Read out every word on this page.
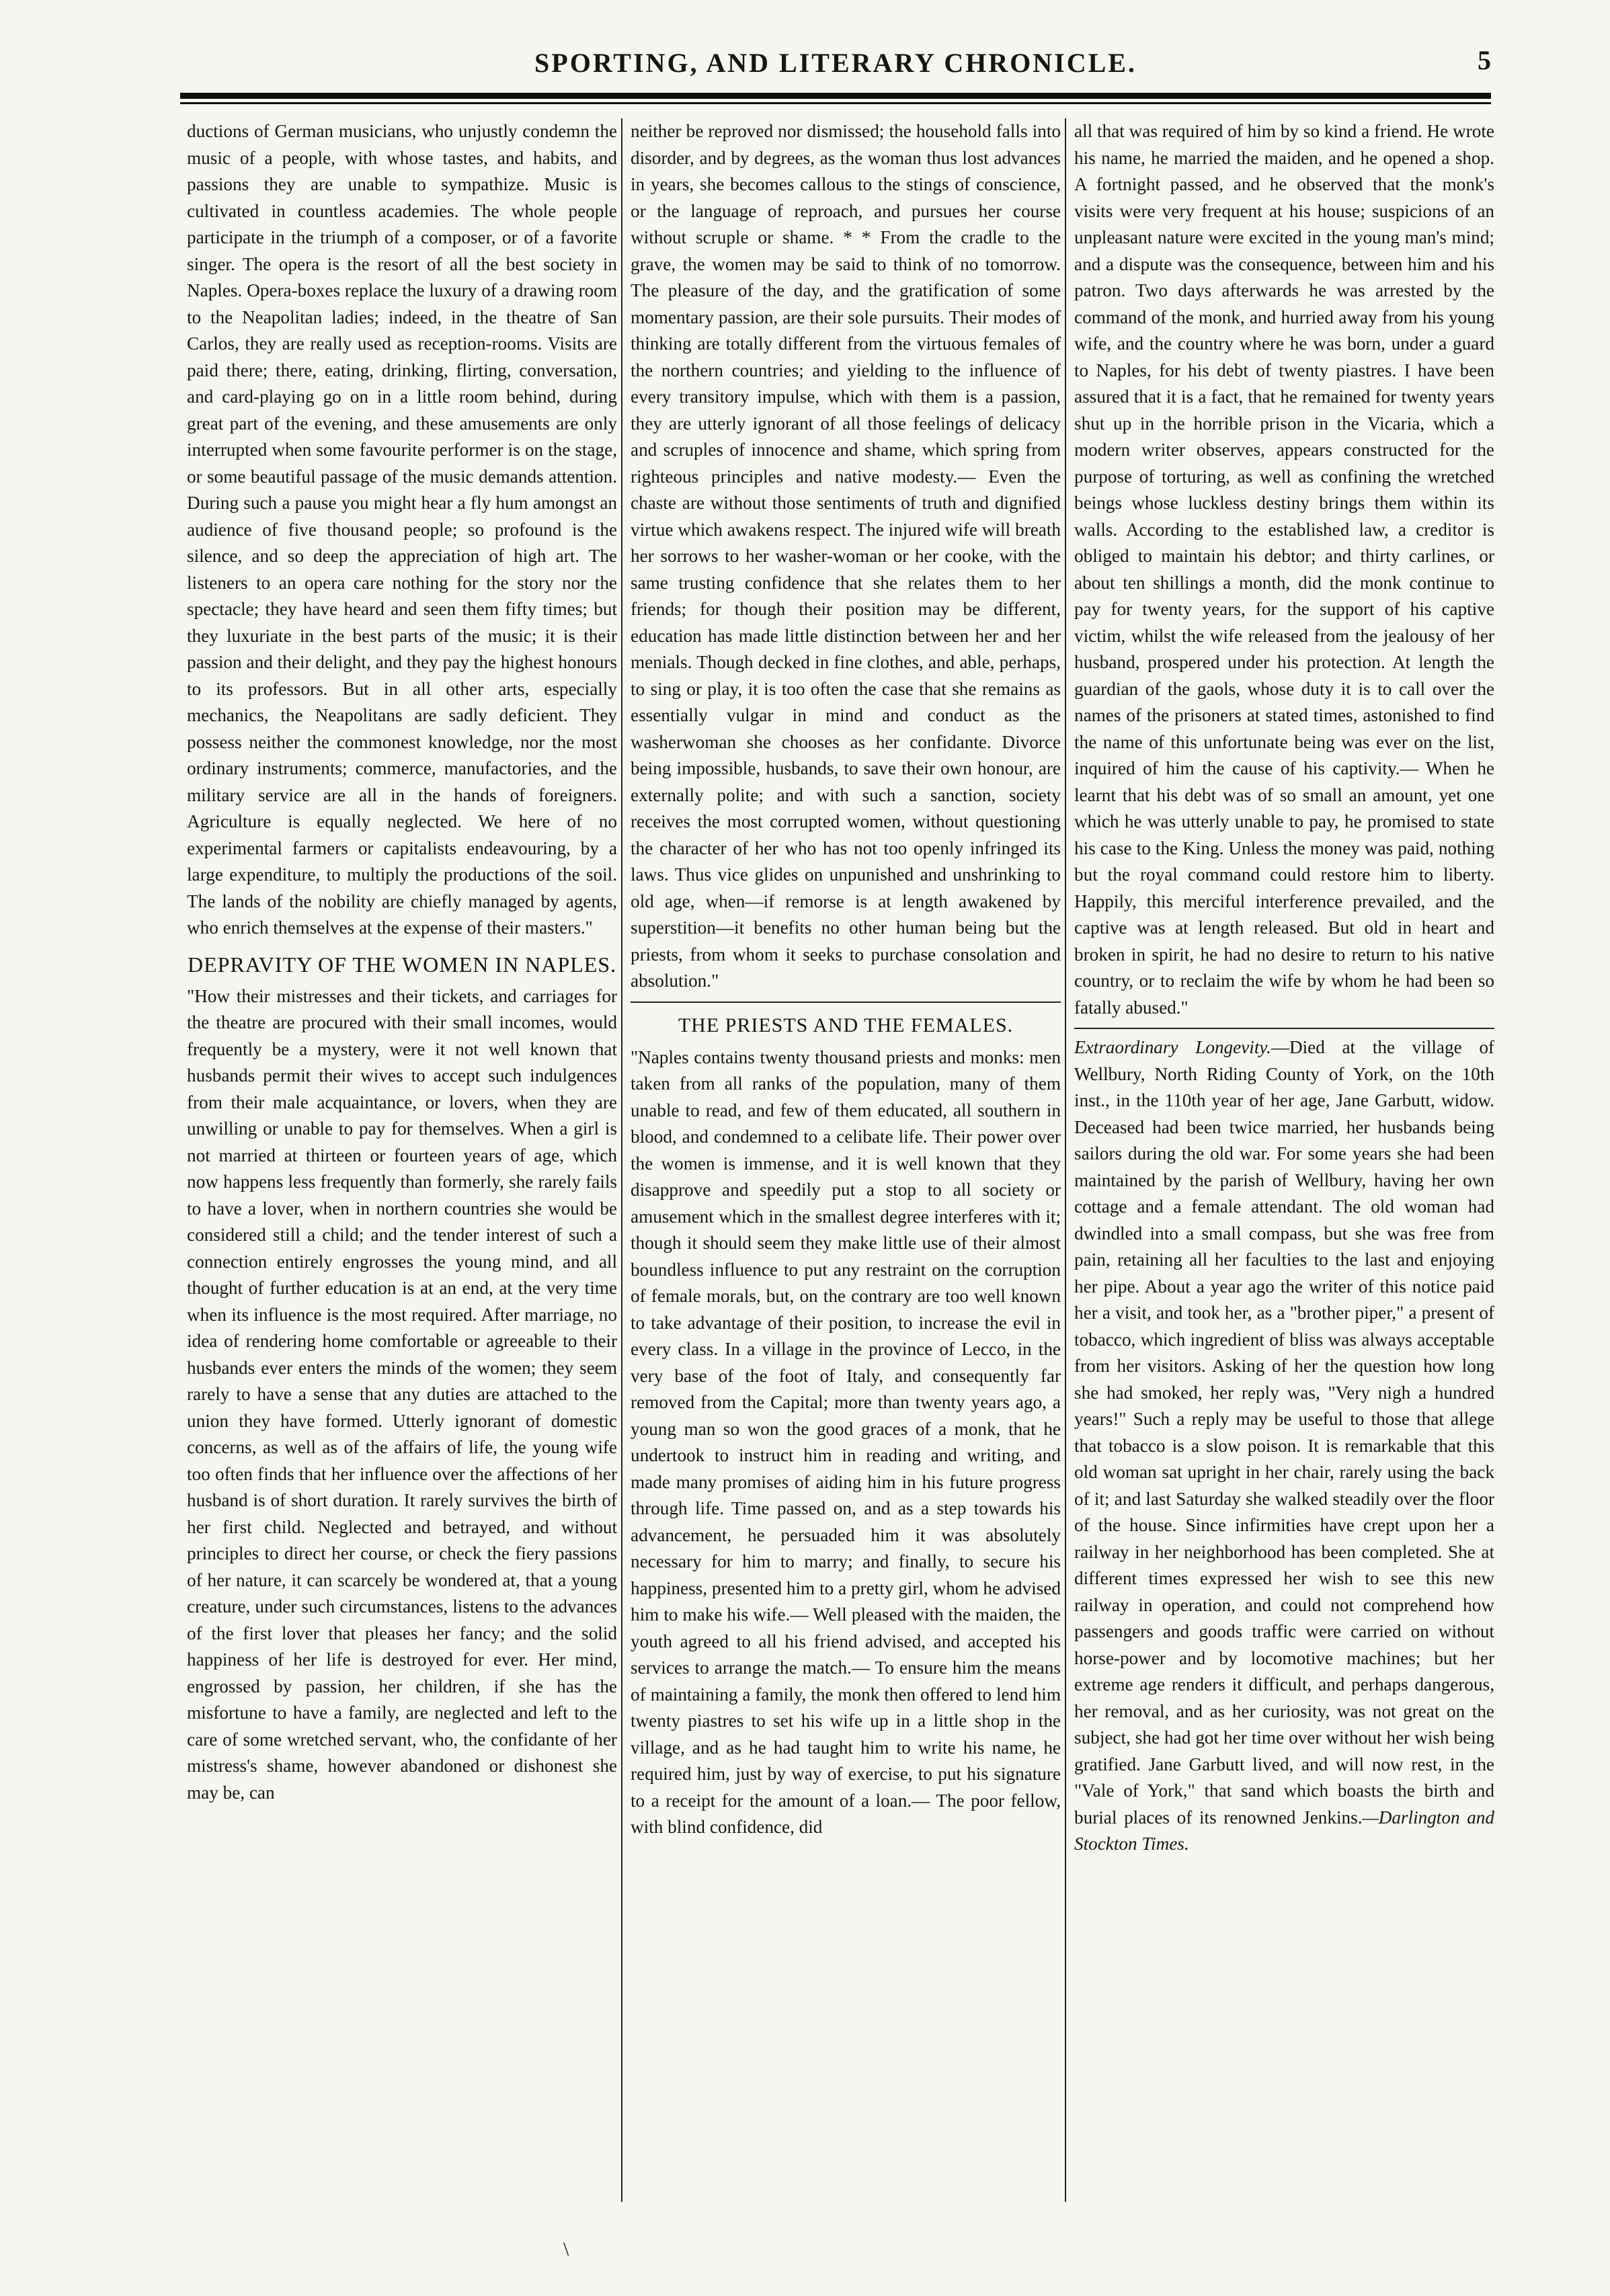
SPORTING, AND LITERARY CHRONICLE.	5

ductions of German musicians, who unjustly condemn the music of a people, with whose tastes, and habits, and passions they are unable to sympathize. Music is cultivated in countless academies. The whole people participate in the triumph of a composer, or of a favorite singer. The opera is the resort of all the best society in Naples. Opera-boxes replace the luxury of a drawing room to the Neapolitan ladies; indeed, in the theatre of San Carlos, they are really used as reception-rooms. Visits are paid there; there, eating, drinking, flirting, conversation, and card-playing go on in a little room behind, during great part of the evening, and these amusements are only interrupted when some favourite performer is on the stage, or some beautiful passage of the music demands attention. During such a pause you might hear a fly hum amongst an audience of five thousand people; so profound is the silence, and so deep the appreciation of high art. The listeners to an opera care nothing for the story nor the spectacle; they have heard and seen them fifty times; but they luxuriate in the best parts of the music; it is their passion and their delight, and they pay the highest honours to its professors. But in all other arts, especially mechanics, the Neapolitans are sadly deficient. They possess neither the commonest knowledge, nor the most ordinary instruments; commerce, manufactories, and the military service are all in the hands of foreigners. Agriculture is equally neglected. We here of no experimental farmers or capitalists endeavouring, by a large expenditure, to multiply the productions of the soil. The lands of the nobility are chiefly managed by agents, who enrich themselves at the expense of their masters."

DEPRAVITY OF THE WOMEN IN NAPLES.

"How their mistresses and their tickets, and carriages for the theatre are procured with their small incomes, would frequently be a mystery, were it not well known that husbands permit their wives to accept such indulgences from their male acquaintance, or lovers, when they are unwilling or unable to pay for themselves. When a girl is not married at thirteen or fourteen years of age, which now happens less frequently than formerly, she rarely fails to have a lover, when in northern countries she would be considered still a child; and the tender interest of such a connection entirely engrosses the young mind, and all thought of further education is at an end, at the very time when its influence is the most required. After marriage, no idea of rendering home comfortable or agreeable to their husbands ever enters the minds of the women; they seem rarely to have a sense that any duties are attached to the union they have formed. Utterly ignorant of domestic concerns, as well as of the affairs of life, the young wife too often finds that her influence over the affections of her husband is of short duration. It rarely survives the birth of her first child. Neglected and betrayed, and without principles to direct her course, or check the fiery passions of her nature, it can scarcely be wondered at, that a young creature, under such circumstances, listens to the advances of the first lover that pleases her fancy; and the solid happiness of her life is destroyed for ever. Her mind, engrossed by passion, her children, if she has the misfortune to have a family, are neglected and left to the care of some wretched servant, who, the confidante of her mistress's shame, however abandoned or dishonest she may be, can

neither be reproved nor dismissed; the household falls into disorder, and by degrees, as the woman thus lost advances in years, she becomes callous to the stings of conscience, or the language of reproach, and pursues her course without scruple or shame. * * From the cradle to the grave, the women may be said to think of no tomorrow. The pleasure of the day, and the gratification of some momentary passion, are their sole pursuits. Their modes of thinking are totally different from the virtuous females of the northern countries; and yielding to the influence of every transitory impulse, which with them is a passion, they are utterly ignorant of all those feelings of delicacy and scruples of innocence and shame, which spring from righteous principles and native modesty.— Even the chaste are without those sentiments of truth and dignified virtue which awakens respect. The injured wife will breath her sorrows to her washer-woman or her cooke, with the same trusting confidence that she relates them to her friends; for though their position may be different, education has made little distinction between her and her menials. Though decked in fine clothes, and able, perhaps, to sing or play, it is too often the case that she remains as essentially vulgar in mind and conduct as the washerwoman she chooses as her confidante. Divorce being impossible, husbands, to save their own honour, are externally polite; and with such a sanction, society receives the most corrupted women, without questioning the character of her who has not too openly infringed its laws. Thus vice glides on unpunished and unshrinking to old age, when—if remorse is at length awakened by superstition—it benefits no other human being but the priests, from whom it seeks to purchase consolation and absolution."

THE PRIESTS AND THE FEMALES.

"Naples contains twenty thousand priests and monks: men taken from all ranks of the population, many of them unable to read, and few of them educated, all southern in blood, and condemned to a celibate life. Their power over the women is immense, and it is well known that they disapprove and speedily put a stop to all society or amusement which in the smallest degree interferes with it; though it should seem they make little use of their almost boundless influence to put any restraint on the corruption of female morals, but, on the contrary are too well known to take advantage of their position, to increase the evil in every class. In a village in the province of Lecco, in the very base of the foot of Italy, and consequently far removed from the Capital; more than twenty years ago, a young man so won the good graces of a monk, that he undertook to instruct him in reading and writing, and made many promises of aiding him in his future progress through life. Time passed on, and as a step towards his advancement, he persuaded him it was absolutely necessary for him to marry; and finally, to secure his happiness, presented him to a pretty girl, whom he advised him to make his wife.— Well pleased with the maiden, the youth agreed to all his friend advised, and accepted his services to arrange the match.— To ensure him the means of maintaining a family, the monk then offered to lend him twenty piastres to set his wife up in a little shop in the village, and as he had taught him to write his name, he required him, just by way of exercise, to put his signature to a receipt for the amount of a loan.— The poor fellow, with blind confidence, did

all that was required of him by so kind a friend. He wrote his name, he married the maiden, and he opened a shop. A fortnight passed, and he observed that the monk's visits were very frequent at his house; suspicions of an unpleasant nature were excited in the young man's mind; and a dispute was the consequence, between him and his patron. Two days afterwards he was arrested by the command of the monk, and hurried away from his young wife, and the country where he was born, under a guard to Naples, for his debt of twenty piastres. I have been assured that it is a fact, that he remained for twenty years shut up in the horrible prison in the Vicaria, which a modern writer observes, appears constructed for the purpose of torturing, as well as confining the wretched beings whose luckless destiny brings them within its walls. According to the established law, a creditor is obliged to maintain his debtor; and thirty carlines, or about ten shillings a month, did the monk continue to pay for twenty years, for the support of his captive victim, whilst the wife released from the jealousy of her husband, prospered under his protection. At length the guardian of the gaols, whose duty it is to call over the names of the prisoners at stated times, astonished to find the name of this unfortunate being was ever on the list, inquired of him the cause of his captivity.— When he learnt that his debt was of so small an amount, yet one which he was utterly unable to pay, he promised to state his case to the King. Unless the money was paid, nothing but the royal command could restore him to liberty. Happily, this merciful interference prevailed, and the captive was at length released. But old in heart and broken in spirit, he had no desire to return to his native country, or to reclaim the wife by whom he had been so fatally abused."

Extraordinary Longevity.—Died at the village of Wellbury, North Riding County of York, on the 10th inst., in the 110th year of her age, Jane Garbutt, widow. Deceased had been twice married, her husbands being sailors during the old war. For some years she had been maintained by the parish of Wellbury, having her own cottage and a female attendant. The old woman had dwindled into a small compass, but she was free from pain, retaining all her faculties to the last and enjoying her pipe. About a year ago the writer of this notice paid her a visit, and took her, as a "brother piper," a present of tobacco, which ingredient of bliss was always acceptable from her visitors. Asking of her the question how long she had smoked, her reply was, "Very nigh a hundred years!" Such a reply may be useful to those that allege that tobacco is a slow poison. It is remarkable that this old woman sat upright in her chair, rarely using the back of it; and last Saturday she walked steadily over the floor of the house. Since infirmities have crept upon her a railway in her neighborhood has been completed. She at different times expressed her wish to see this new railway in operation, and could not comprehend how passengers and goods traffic were carried on without horse-power and by locomotive machines; but her extreme age renders it difficult, and perhaps dangerous, her removal, and as her curiosity, was not great on the subject, she had got her time over without her wish being gratified. Jane Garbutt lived, and will now rest, in the "Vale of York," that sand which boasts the birth and burial places of its renowned Jenkins.—Darlington and Stockton Times.

\
